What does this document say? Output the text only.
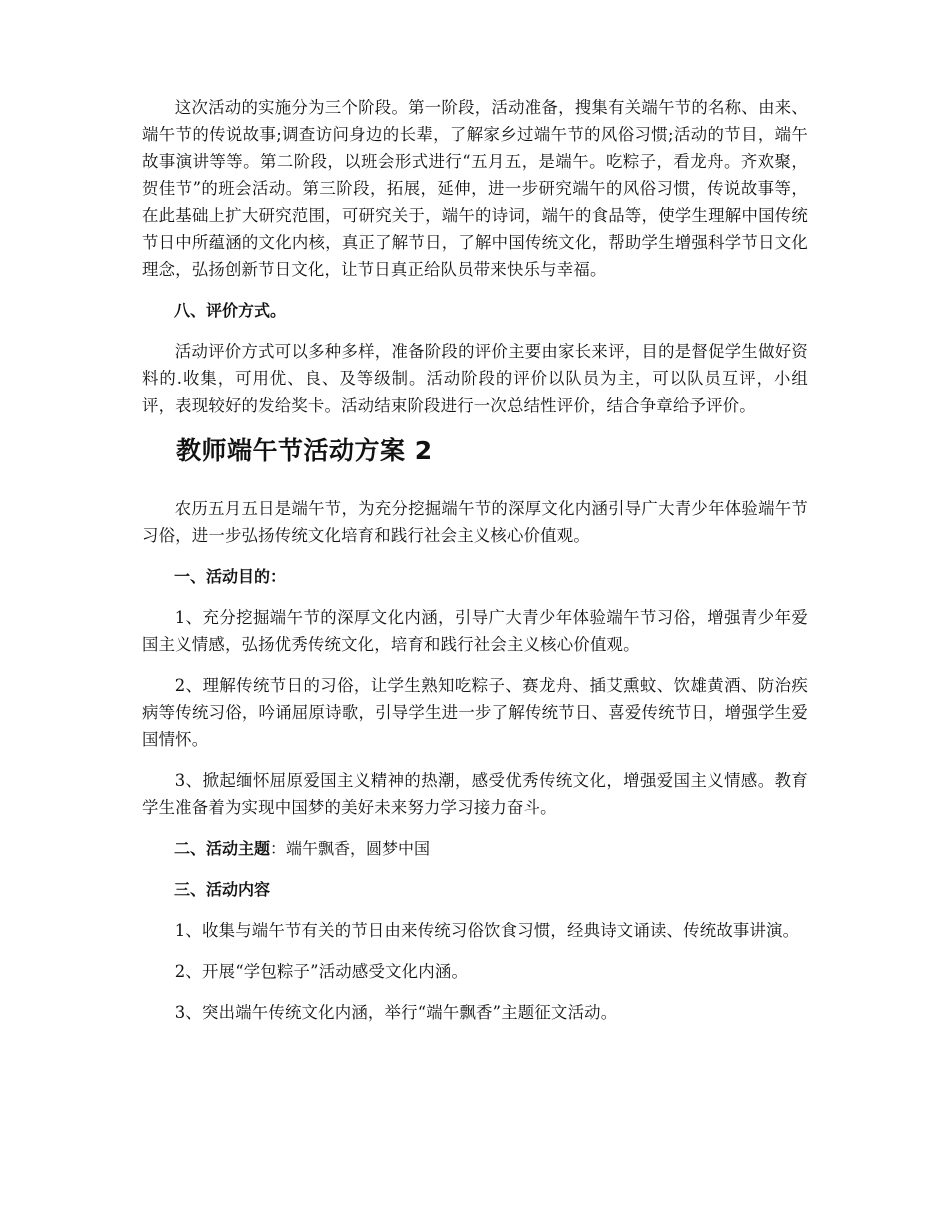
这次活动的实施分为三个阶段。第一阶段，活动准备，搜集有关端午节的名称、由来、端午节的传说故事;调查访问身边的长辈，了解家乡过端午节的风俗习惯;活动的节目，端午故事演讲等等。第二阶段，以班会形式进行“五月五，是端午。吃粽子，看龙舟。齐欢聚，贺佳节”的班会活动。第三阶段，拓展，延伸，进一步研究端午的风俗习惯，传说故事等，在此基础上扩大研究范围，可研究关于，端午的诗词，端午的食品等，使学生理解中国传统节日中所蕴涵的文化内核，真正了解节日，了解中国传统文化，帮助学生增强科学节日文化理念，弘扬创新节日文化，让节日真正给队员带来快乐与幸福。

八、评价方式。

活动评价方式可以多种多样，准备阶段的评价主要由家长来评，目的是督促学生做好资料的.收集，可用优、良、及等级制。活动阶段的评价以队员为主，可以队员互评，小组评，表现较好的发给奖卡。活动结束阶段进行一次总结性评价，结合争章给予评价。

教师端午节活动方案 2

农历五月五日是端午节，为充分挖掘端午节的深厚文化内涵引导广大青少年体验端午节习俗，进一步弘扬传统文化培育和践行社会主义核心价值观。

一、活动目的：

1、充分挖掘端午节的深厚文化内涵，引导广大青少年体验端午节习俗，增强青少年爱国主义情感，弘扬优秀传统文化，培育和践行社会主义核心价值观。

2、理解传统节日的习俗，让学生熟知吃粽子、赛龙舟、插艾熏蚊、饮雄黄酒、防治疾病等传统习俗，吟诵屈原诗歌，引导学生进一步了解传统节日、喜爱传统节日，增强学生爱国情怀。

3、掀起缅怀屈原爱国主义精神的热潮，感受优秀传统文化，增强爱国主义情感。教育学生准备着为实现中国梦的美好未来努力学习接力奋斗。

二、活动主题：端午飘香，圆梦中国
三、活动内容

1、收集与端午节有关的节日由来传统习俗饮食习惯，经典诗文诵读、传统故事讲演。

2、开展“学包粽子”活动感受文化内涵。

3、突出端午传统文化内涵，举行“端午飘香”主题征文活动。
